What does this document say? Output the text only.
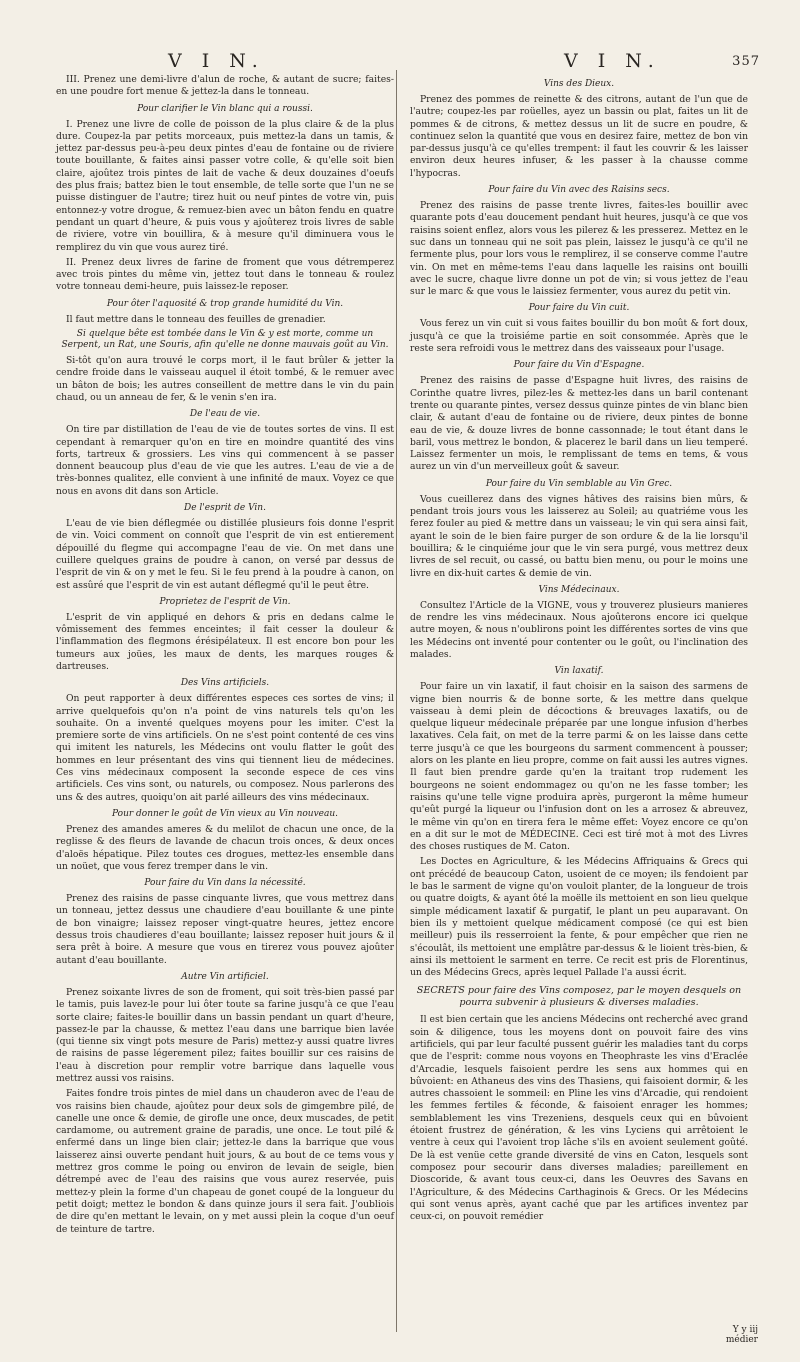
V I N.	V I N.	357

III. Prenez une demi-livre d'alun de roche, & autant de sucre; faites-en une poudre fort menue & jettez-la dans le tonneau.

Pour clarifier le Vin blanc qui a roussi.

I. Prenez une livre de colle de poisson de la plus claire & de la plus dure. Coupez-la par petits morceaux, puis mettez-la dans un tamis, & jettez par-dessus peu-à-peu deux pintes d'eau de fontaine ou de riviere toute bouillante, & faites ainsi passer votre colle, & qu'elle soit bien claire, ajoûtez trois pintes de lait de vache & deux douzaines d'oeufs des plus frais; battez bien le tout ensemble, de telle sorte que l'un ne se puisse distinguer de l'autre; tirez huit ou neuf pintes de votre vin, puis entonnez-y votre drogue, & remuez-bien avec un bâton fendu en quatre pendant un quart d'heure, & puis vous y ajoûterez trois livres de sable de riviere, votre vin bouillira, & à mesure qu'il diminuera vous le remplirez du vin que vous aurez tiré.

II. Prenez deux livres de farine de froment que vous détremperez avec trois pintes du même vin, jettez tout dans le tonneau & roulez votre tonneau demi-heure, puis laissez-le reposer.

Pour ôter l'aquosité & trop grande humidité du Vin.

Il faut mettre dans le tonneau des feuilles de grenadier.

Si quelque bête est tombée dans le Vin & y est morte, comme un Serpent, un Rat, une Souris, afin qu'elle ne donne mauvais goût au Vin.

Si-tôt qu'on aura trouvé le corps mort, il le faut brûler & jetter la cendre froide dans le vaisseau auquel il étoit tombé, & le remuer avec un bâton de bois; les autres conseillent de mettre dans le vin du pain chaud, ou un anneau de fer, & le venin s'en ira.

De l'eau de vie.

On tire par distillation de l'eau de vie de toutes sortes de vins. Il est cependant à remarquer qu'on en tire en moindre quantité des vins forts, tartreux & grossiers. Les vins qui commencent à se passer donnent beaucoup plus d'eau de vie que les autres. L'eau de vie a de très-bonnes qualitez, elle convient à une infinité de maux. Voyez ce que nous en avons dit dans son Article.

De l'esprit de Vin.

L'eau de vie bien déflegmée ou distillée plusieurs fois donne l'esprit de vin. Voici comment on connoît que l'esprit de vin est entierement dépouillé du flegme qui accompagne l'eau de vie. On met dans une cuillere quelques grains de poudre à canon, on versé par dessus de l'esprit de vin & on y met le feu. Si le feu prend à la poudre à canon, on est assûré que l'esprit de vin est autant déflegmé qu'il le peut être.

Proprietez de l'esprit de Vin.

L'esprit de vin appliqué en dehors & pris en dedans calme le vômissement des femmes enceintes; il fait cesser la douleur & l'inflammation des flegmons érésipélateux. Il est encore bon pour les tumeurs aux joües, les maux de dents, les marques rouges & dartreuses.

Des Vins artificiels.

On peut rapporter à deux différentes especes ces sortes de vins; il arrive quelquefois qu'on n'a point de vins naturels tels qu'on les souhaite. On a inventé quelques moyens pour les imiter. C'est la premiere sorte de vins artificiels. On ne s'est point contenté de ces vins qui imitent les naturels, les Médecins ont voulu flatter le goût des hommes en leur présentant des vins qui tiennent lieu de médecines. Ces vins médecinaux composent la seconde espece de ces vins artificiels. Ces vins sont, ou naturels, ou composez. Nous parlerons des uns & des autres, quoiqu'on ait parlé ailleurs des vins médecinaux.

Pour donner le goût de Vin vieux au Vin nouveau.

Prenez des amandes ameres & du melilot de chacun une once, de la reglisse & des fleurs de lavande de chacun trois onces, & deux onces d'aloës hépatique. Pilez toutes ces drogues, mettez-les ensemble dans un noüet, que vous ferez tremper dans le vin.

Pour faire du Vin dans la nécessité.

Prenez des raisins de passe cinquante livres, que vous mettrez dans un tonneau, jettez dessus une chaudiere d'eau bouillante & une pinte de bon vinaigre; laissez reposer vingt-quatre heures, jettez encore dessus trois chaudieres d'eau bouillante; laissez reposer huit jours & il sera prêt à boire. A mesure que vous en tirerez vous pouvez ajoûter autant d'eau bouillante.

Autre Vin artificiel.

Prenez soixante livres de son de froment, qui soit très-bien passé par le tamis, puis lavez-le pour lui ôter toute sa farine jusqu'à ce que l'eau sorte claire; faites-le bouillir dans un bassin pendant un quart d'heure, passez-le par la chausse, & mettez l'eau dans une barrique bien lavée (qui tienne six vingt pots mesure de Paris) mettez-y aussi quatre livres de raisins de passe légerement pilez; faites bouillir sur ces raisins de l'eau à discretion pour remplir votre barrique dans laquelle vous mettrez aussi vos raisins.

Faites fondre trois pintes de miel dans un chauderon avec de l'eau de vos raisins bien chaude, ajoûtez pour deux sols de gimgembre pilé, de canelle une once & demie, de girofle une once, deux muscades, de petit cardamome, ou autrement graine de paradis, une once. Le tout pilé & enfermé dans un linge bien clair; jettez-le dans la barrique que vous laisserez ainsi ouverte pendant huit jours, & au bout de ce tems vous y mettrez gros comme le poing ou environ de levain de seigle, bien détrempé avec de l'eau des raisins que vous aurez reservée, puis mettez-y plein la forme d'un chapeau de gonet coupé de la longueur du petit doigt; mettez le bondon & dans quinze jours il sera fait. J'oubliois de dire qu'en mettant le levain, on y met aussi plein la coque d'un oeuf de teinture de tartre.

Vins des Dieux.

Prenez des pommes de reinette & des citrons, autant de l'un que de l'autre; coupez-les par roüelles, ayez un bassin ou plat, faites un lit de pommes & de citrons, & mettez dessus un lit de sucre en poudre, & continuez selon la quantité que vous en desirez faire, mettez de bon vin par-dessus jusqu'à ce qu'elles trempent: il faut les couvrir & les laisser environ deux heures infuser, & les passer à la chausse comme l'hypocras.

Pour faire du Vin avec des Raisins secs.

Prenez des raisins de passe trente livres, faites-les bouillir avec quarante pots d'eau doucement pendant huit heures, jusqu'à ce que vos raisins soient enflez, alors vous les pilerez & les presserez. Mettez en le suc dans un tonneau qui ne soit pas plein, laissez le jusqu'à ce qu'il ne fermente plus, pour lors vous le remplirez, il se conserve comme l'autre vin. On met en même-tems l'eau dans laquelle les raisins ont bouilli avec le sucre, chaque livre donne un pot de vin; si vous jettez de l'eau sur le marc & que vous le laissiez fermenter, vous aurez du petit vin.

Pour faire du Vin cuit.

Vous ferez un vin cuit si vous faites bouillir du bon moût & fort doux, jusqu'à ce que la troisiéme partie en soit consommée. Après que le reste sera refroidi vous le mettrez dans des vaisseaux pour l'usage.

Pour faire du Vin d'Espagne.

Prenez des raisins de passe d'Espagne huit livres, des raisins de Corinthe quatre livres, pilez-les & mettez-les dans un baril contenant trente ou quarante pintes, versez dessus quinze pintes de vin blanc bien clair, & autant d'eau de fontaine ou de riviere, deux pintes de bonne eau de vie, & douze livres de bonne cassonnade; le tout étant dans le baril, vous mettrez le bondon, & placerez le baril dans un lieu temperé. Laissez fermenter un mois, le remplissant de tems en tems, & vous aurez un vin d'un merveilleux goût & saveur.

Pour faire du Vin semblable au Vin Grec.

Vous cueillerez dans des vignes hâtives des raisins bien mûrs, & pendant trois jours vous les laisserez au Soleil; au quatriéme vous les ferez fouler au pied & mettre dans un vaisseau; le vin qui sera ainsi fait, ayant le soin de le bien faire purger de son ordure & de la lie lorsqu'il bouillira; & le cinquiéme jour que le vin sera purgé, vous mettrez deux livres de sel recuit, ou cassé, ou battu bien menu, ou pour le moins une livre en dix-huit cartes & demie de vin.

Vins Médecinaux.

Consultez l'Article de la VIGNE, vous y trouverez plusieurs manieres de rendre les vins médecinaux. Nous ajoûterons encore ici quelque autre moyen, & nous n'oublirons point les différentes sortes de vins que les Médecins ont inventé pour contenter ou le goût, ou l'inclination des malades.

Vin laxatif.

Pour faire un vin laxatif, il faut choisir en la saison des sarmens de vigne bien nourris & de bonne sorte, & les mettre dans quelque vaisseau à demi plein de décoctions & breuvages laxatifs, ou de quelque liqueur médecinale préparée par une longue infusion d'herbes laxatives. Cela fait, on met de la terre parmi & on les laisse dans cette terre jusqu'à ce que les bourgeons du sarment commencent à pousser; alors on les plante en lieu propre, comme on fait aussi les autres vignes. Il faut bien prendre garde qu'en la traitant trop rudement les bourgeons ne soient endommagez ou qu'on ne les fasse tomber; les raisins qu'une telle vigne produira après, purgeront la même humeur qu'eût purgé la liqueur ou l'infusion dont on les a arrosez & abreuvez, le même vin qu'on en tirera fera le même effet: Voyez encore ce qu'on en a dit sur le mot de MÉDECINE. Ceci est tiré mot à mot des Livres des choses rustiques de M. Caton.

Les Doctes en Agriculture, & les Médecins Affriquains & Grecs qui ont précédé de beaucoup Caton, usoient de ce moyen; ils fendoient par le bas le sarment de vigne qu'on vouloit planter, de la longueur de trois ou quatre doigts, & ayant ôté la moëlle ils mettoient en son lieu quelque simple médicament laxatif & purgatif, le plant un peu auparavant. On bien ils y mettoient quelque médicament composé (ce qui est bien meilleur) puis ils resserroient la fente, & pour empêcher que rien ne s'écoulât, ils mettoient une emplâtre par-dessus & le lioient très-bien, & ainsi ils mettoient le sarment en terre. Ce recit est pris de Florentinus, un des Médecins Grecs, après lequel Pallade l'a aussi écrit.

SECRETS pour faire des Vins composez, par le moyen desquels on pourra subvenir à plusieurs & diverses maladies.

Il est bien certain que les anciens Médecins ont recherché avec grand soin & diligence, tous les moyens dont on pouvoit faire des vins artificiels, qui par leur faculté pussent guérir les maladies tant du corps que de l'esprit: comme nous voyons en Theophraste les vins d'Eraclée d'Arcadie, lesquels faisoient perdre les sens aux hommes qui en bûvoient: en Athaneus des vins des Thasiens, qui faisoient dormir, & les autres chassoient le sommeil: en Pline les vins d'Arcadie, qui rendoient les femmes fertiles & féconde, & faisoient enrager les hommes; semblablement les vins Trezeniens, desquels ceux qui en bûvoient étoient frustrez de génération, & les vins Lyciens qui arrêtoient le ventre à ceux qui l'avoient trop lâche s'ils en avoient seulement goûté. De là est venüe cette grande diversité de vins en Caton, lesquels sont composez pour secourir dans diverses maladies; pareillement en Dioscoride, & avant tous ceux-ci, dans les Oeuvres des Savans en l'Agriculture, & des Médecins Carthaginois & Grecs. Or les Médecins qui sont venus après, ayant caché que par les artifices inventez par ceux-ci, on pouvoit remédier

Y y iij
médier
